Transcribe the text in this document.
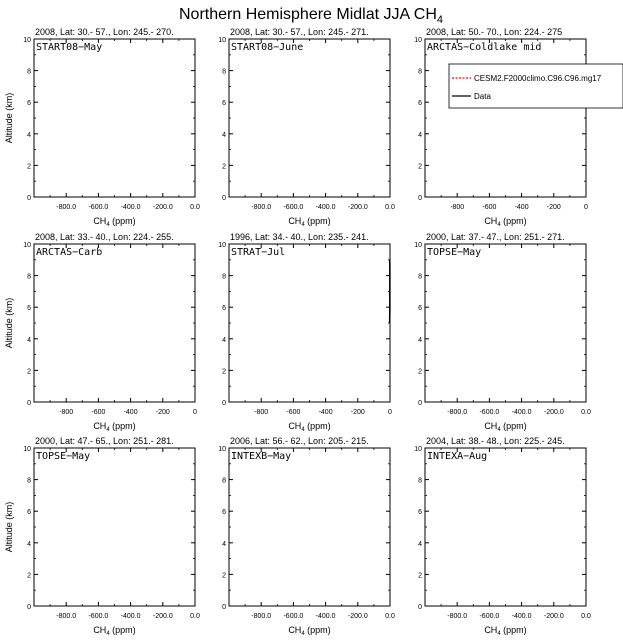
Northern Hemisphere Midlat JJA $CH_4$
2008, Lat: 30.- 57., Lon: 245.- 270.
START08−May
0
2
4
6
8
10
-800.0 -600.0 -400.0 -200.0 0.0
$CH_4$ (ppm)
Altitude (km)
2008, Lat: 30.- 57., Lon: 245.- 271.
START08−June
0
2
4
6
8
10
-800.0 -600.0 -400.0 -200.0 0.0
$CH_4$ (ppm)
2008, Lat: 50.- 70., Lon: 224.- 275
ARCTAS−Coldlake mid
0
2
4
6
8
10
-800	-600	-400	-200	0
$CH_4$ (ppm)
2008, Lat: 33.- 40., Lon: 224.- 255.
ARCTAS−Carb
0
2
4
6
8
10
-800	-600	-400	-200	0
$CH_4$ (ppm)
Altitude (km)
1996, Lat: 34.- 40., Lon: 235.- 241.
STRAT−Jul
0
2
4
6
8
10
-800	-600	-400	-200	0
$CH_4$ (ppm)
2000, Lat: 37.- 47., Lon: 251.- 271.
TOPSE−May
0
2
4
6
8
10
-800.0 -600.0 -400.0 -200.0 0.0
$CH_4$ (ppm)
2000, Lat: 47.- 65., Lon: 251.- 281.
TOPSE−May
0
2
4
6
8
10
-800.0 -600.0 -400.0 -200.0 0.0
$CH_4$ (ppm)
Altitude (km)
2006, Lat: 56.- 62., Lon: 205.- 215.
INTEXB−May
0
2
4
6
8
10
-800.0 -600.0 -400.0 -200.0 0.0
$CH_4$ (ppm)
2004, Lat: 38.- 48., Lon: 225.- 245.
INTEXA−Aug
0
2
4
6
8
10
-800.0 -600.0 -400.0 -200.0 0.0
$CH_4$ (ppm)
CESM2.F2000climo.C96.C96.mg17
Data
